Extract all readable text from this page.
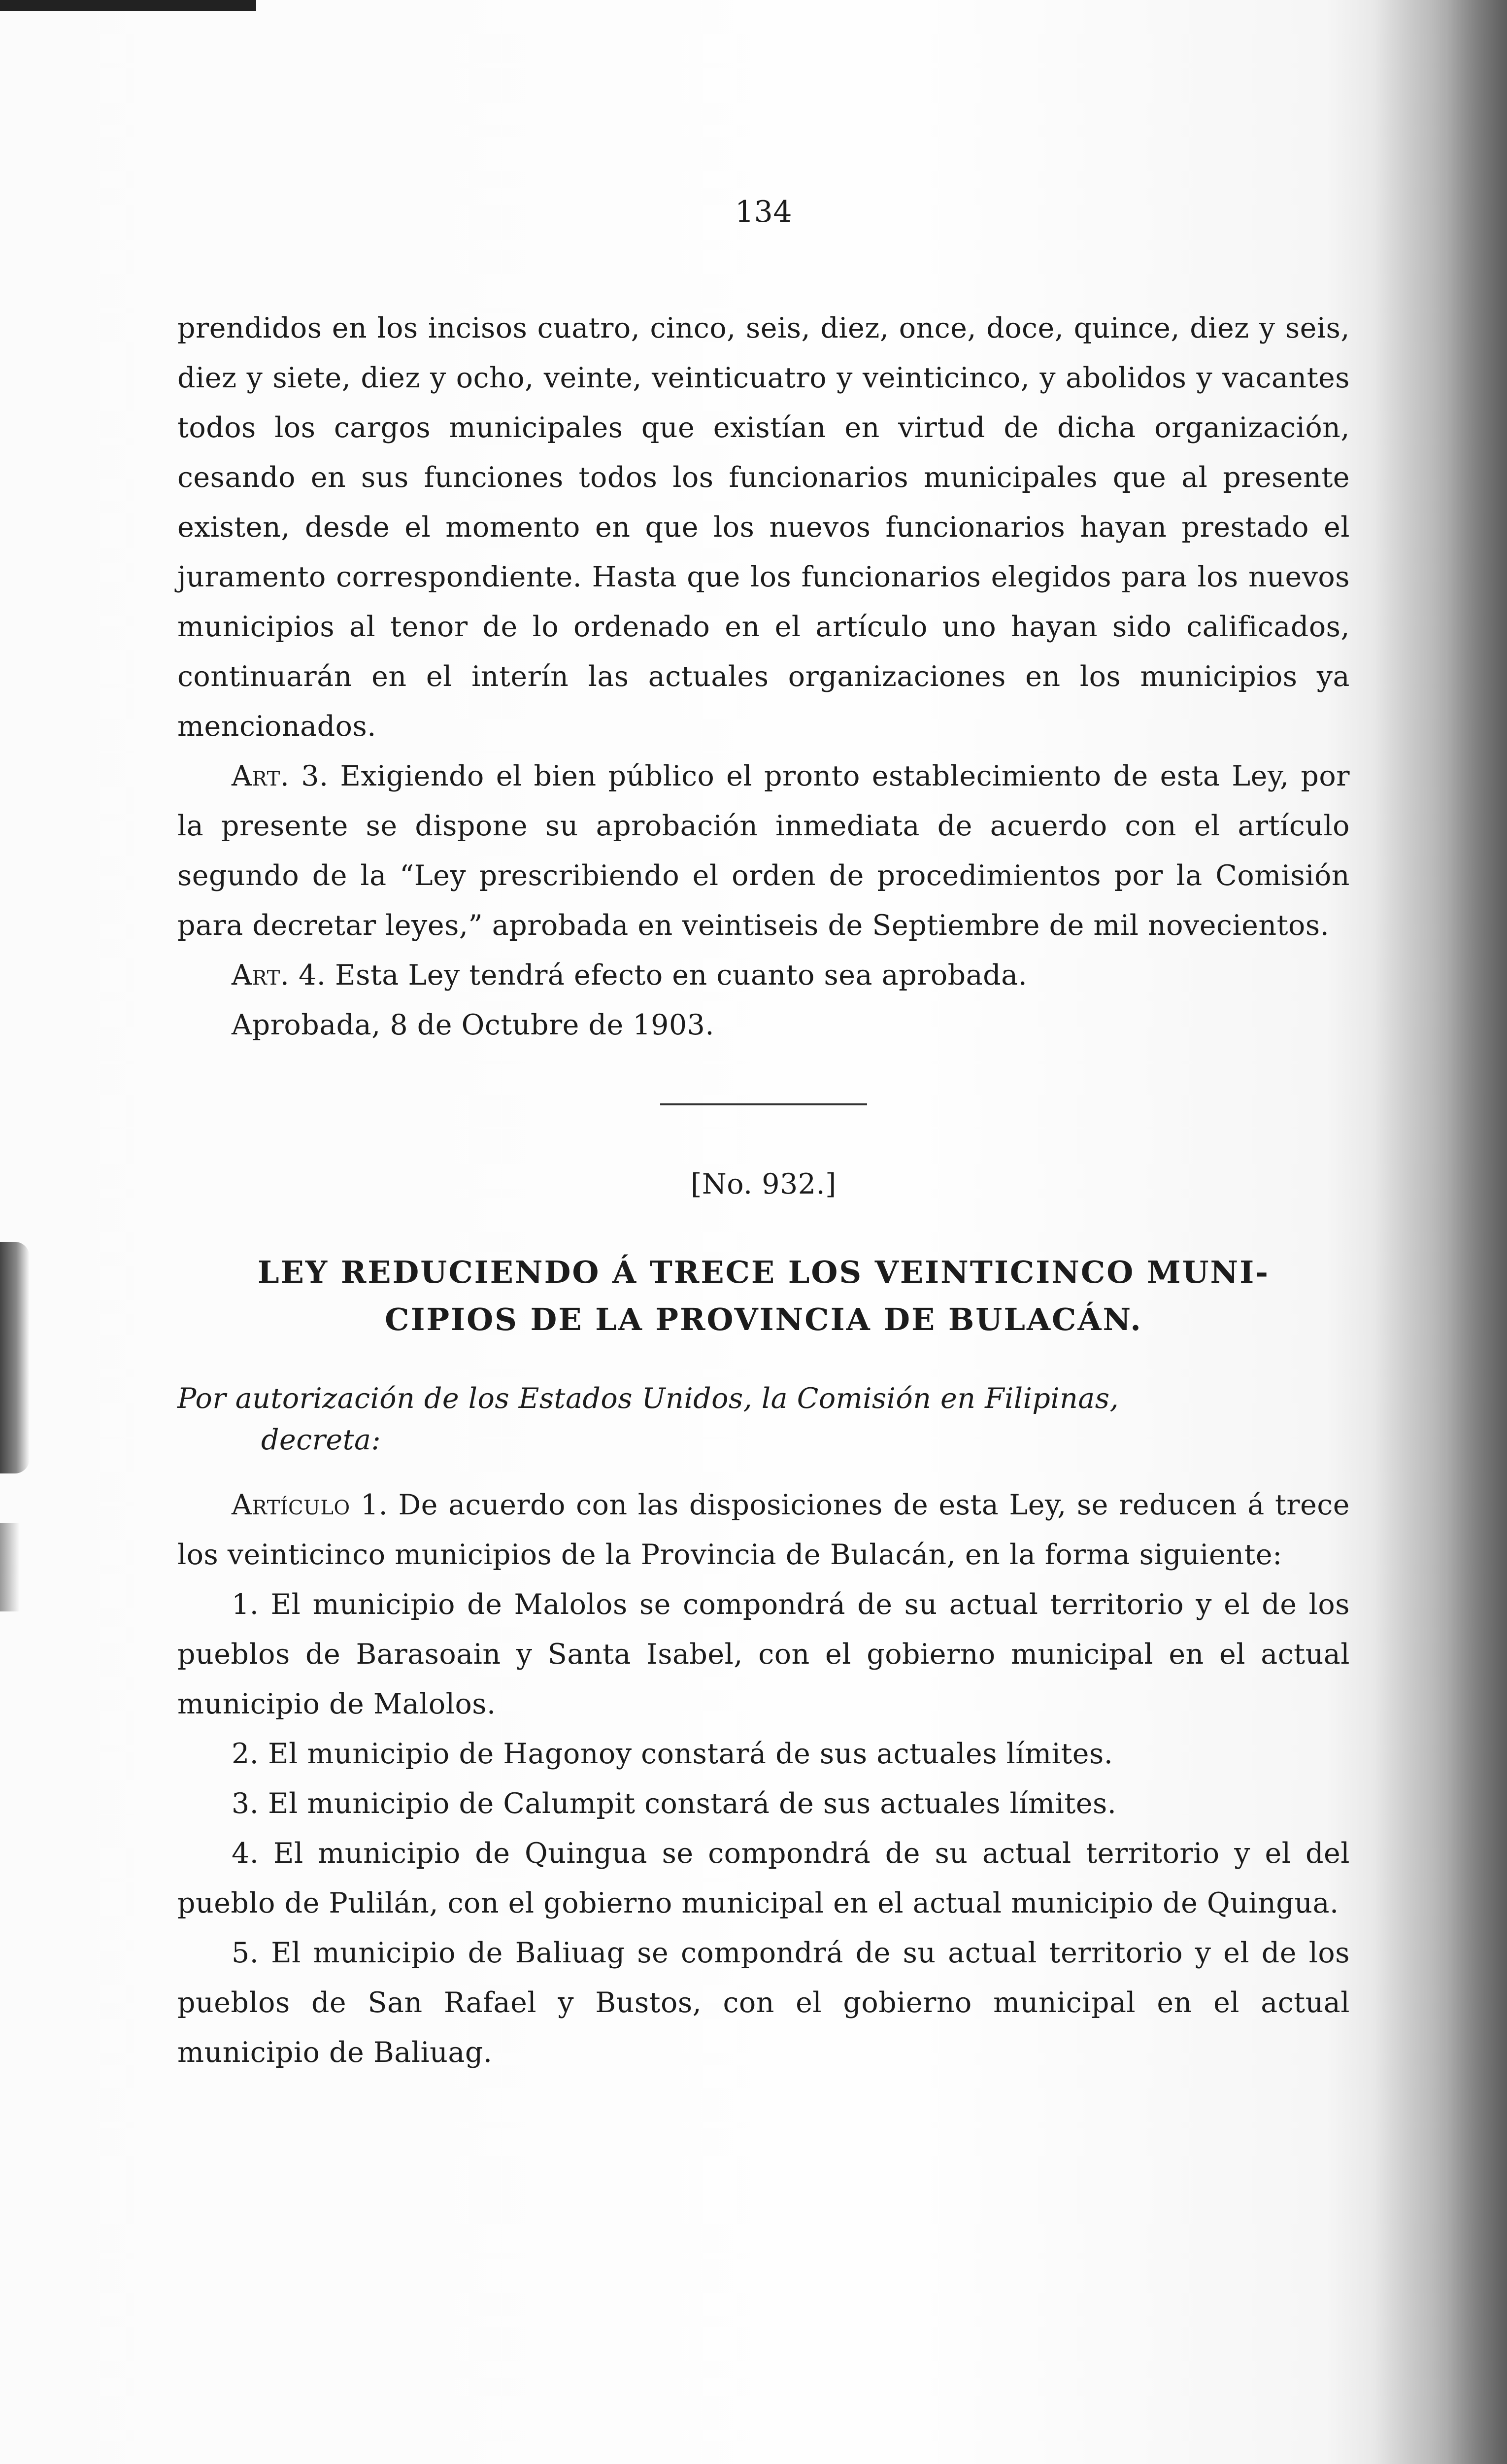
134

prendidos en los incisos cuatro, cinco, seis, diez, once, doce, quince, diez y seis, diez y siete, diez y ocho, veinte, veinticuatro y veinticinco, y abolidos y vacantes todos los cargos municipales que existían en virtud de dicha organización, cesando en sus funciones todos los funcionarios municipales que al presente existen, desde el momento en que los nuevos funcionarios hayan prestado el juramento correspondiente. Hasta que los funcionarios elegidos para los nuevos municipios al tenor de lo ordenado en el artículo uno hayan sido calificados, continuarán en el interín las actuales organizaciones en los municipios ya mencionados.

Art. 3. Exigiendo el bien público el pronto establecimiento de esta Ley, por la presente se dispone su aprobación inmediata de acuerdo con el artículo segundo de la “Ley prescribiendo el orden de procedimientos por la Comisión para decretar leyes,” aprobada en veintiseis de Septiembre de mil novecientos.

Art. 4. Esta Ley tendrá efecto en cuanto sea aprobada.

Aprobada, 8 de Octubre de 1903.

[No. 932.]
LEY REDUCIENDO Á TRECE LOS VEINTICINCO MUNI-
CIPIOS DE LA PROVINCIA DE BULACÁN.
Por autorización de los Estados Unidos, la Comisión en Filipinas,
decreta:

Artículo 1. De acuerdo con las disposiciones de esta Ley, se reducen á trece los veinticinco municipios de la Provincia de Bulacán, en la forma siguiente:

1. El municipio de Malolos se compondrá de su actual territorio y el de los pueblos de Barasoain y Santa Isabel, con el gobierno municipal en el actual municipio de Malolos.

2. El municipio de Hagonoy constará de sus actuales límites.

3. El municipio de Calumpit constará de sus actuales límites.

4. El municipio de Quingua se compondrá de su actual territorio y el del pueblo de Pulilán, con el gobierno municipal en el actual municipio de Quingua.

5. El municipio de Baliuag se compondrá de su actual territorio y el de los pueblos de San Rafael y Bustos, con el gobierno municipal en el actual municipio de Baliuag.
